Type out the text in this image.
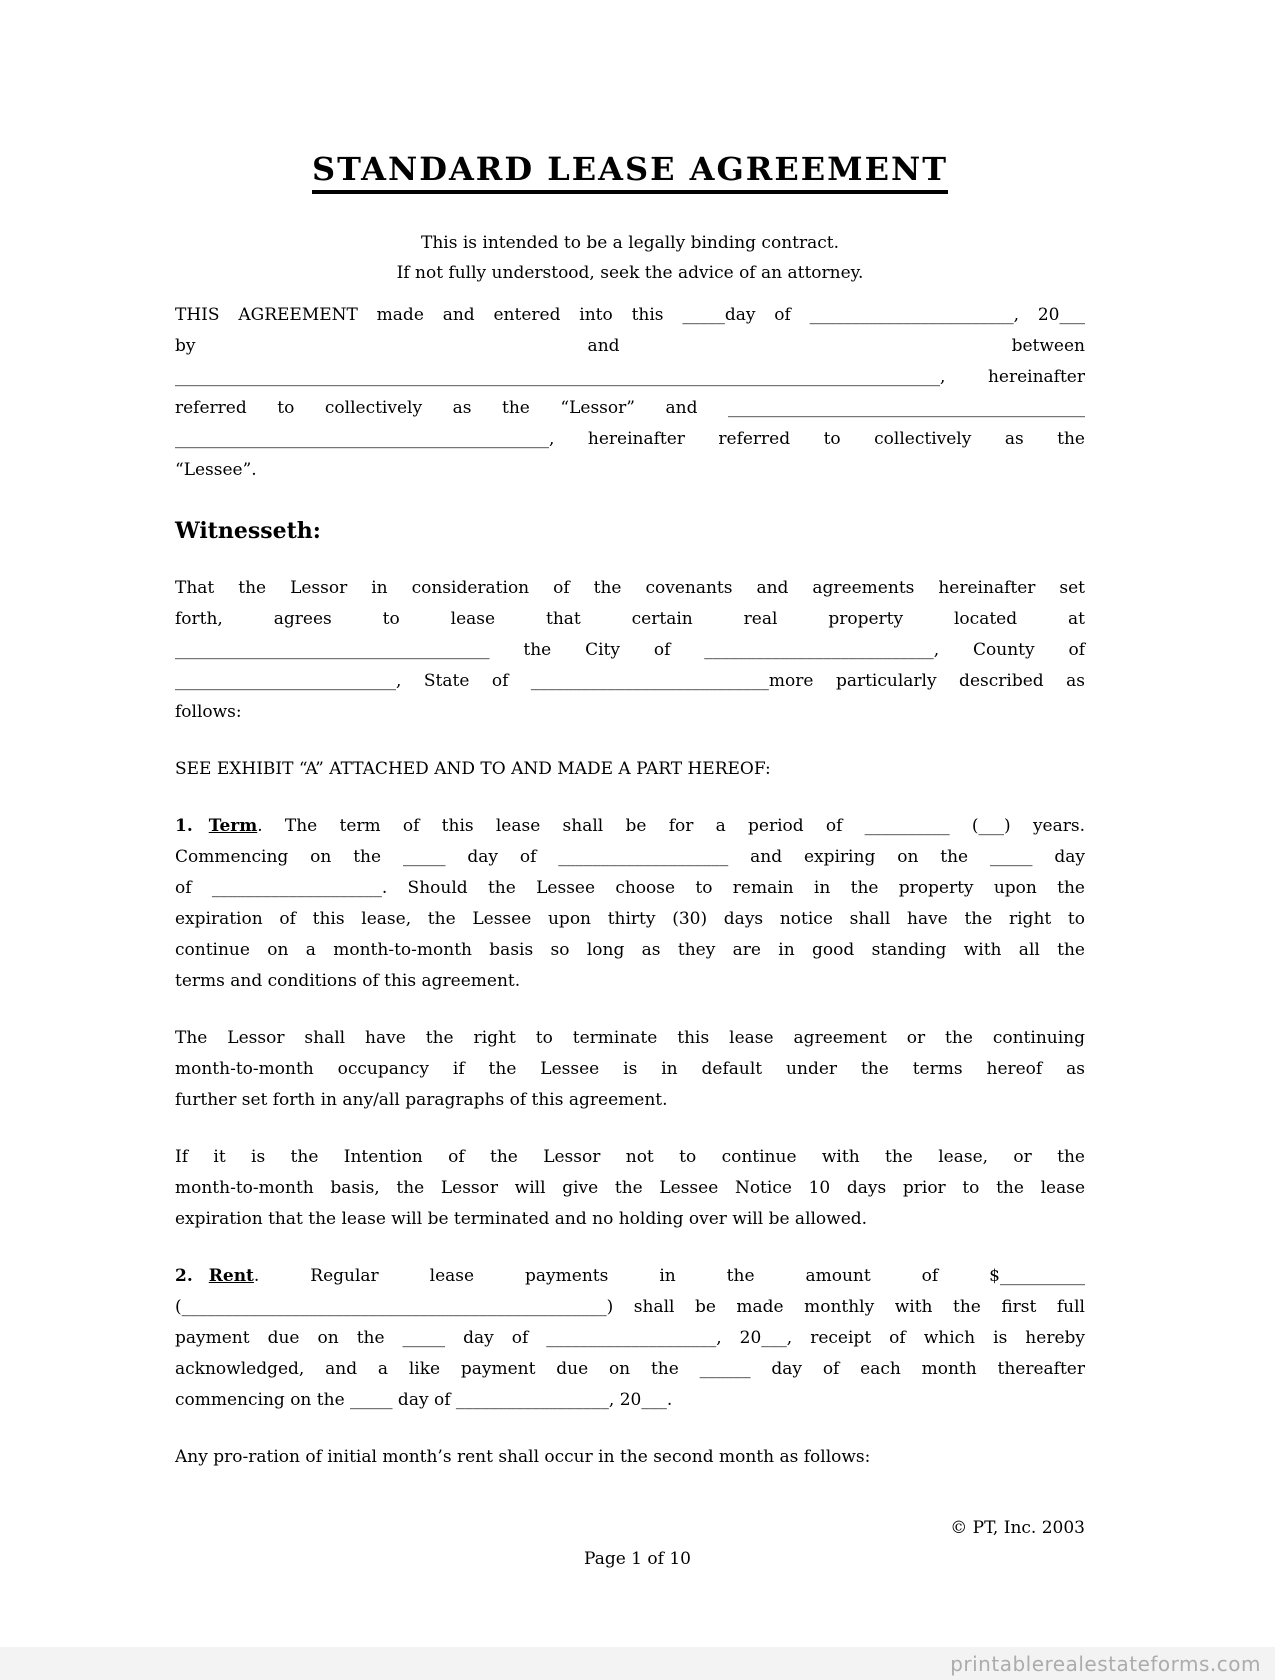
STANDARD LEASE AGREEMENT
This is intended to be a legally binding contract.
If not fully understood, seek the advice of an attorney.
THIS AGREEMENT made and entered into this _____day of ________________________, 20___
by and between
__________________________________________________________________________________________, hereinafter
referred to collectively as the “Lessor” and __________________________________________
____________________________________________, hereinafter referred to collectively as the
“Lessee”.
Witnesseth:
That the Lessor in consideration of the covenants and agreements hereinafter set
forth, agrees to lease that certain real property located at
_____________________________________ the City of ___________________________, County of
__________________________, State of ____________________________more particularly described as
follows:
SEE EXHIBIT “A” ATTACHED AND TO AND MADE A PART HEREOF:
1. Term. The term of this lease shall be for a period of __________ (___) years.
Commencing on the _____ day of ____________________ and expiring on the _____ day
of ____________________. Should the Lessee choose to remain in the property upon the
expiration of this lease, the Lessee upon thirty (30) days notice shall have the right to
continue on a month-to-month basis so long as they are in good standing with all the
terms and conditions of this agreement.
The Lessor shall have the right to terminate this lease agreement or the continuing
month-to-month occupancy if the Lessee is in default under the terms hereof as
further set forth in any/all paragraphs of this agreement.
If it is the Intention of the Lessor not to continue with the lease, or the
month-to-month basis, the Lessor will give the Lessee Notice 10 days prior to the lease
expiration that the lease will be terminated and no holding over will be allowed.
2. Rent. Regular lease payments in the amount of $__________
(__________________________________________________) shall be made monthly with the first full
payment due on the _____ day of ____________________, 20___, receipt of which is hereby
acknowledged, and a like payment due on the ______ day of each month thereafter
commencing on the _____ day of __________________, 20___.
Any pro-ration of initial month’s rent shall occur in the second month as follows:
© PT, Inc. 2003
Page 1 of 10
printablerealestateforms.com
